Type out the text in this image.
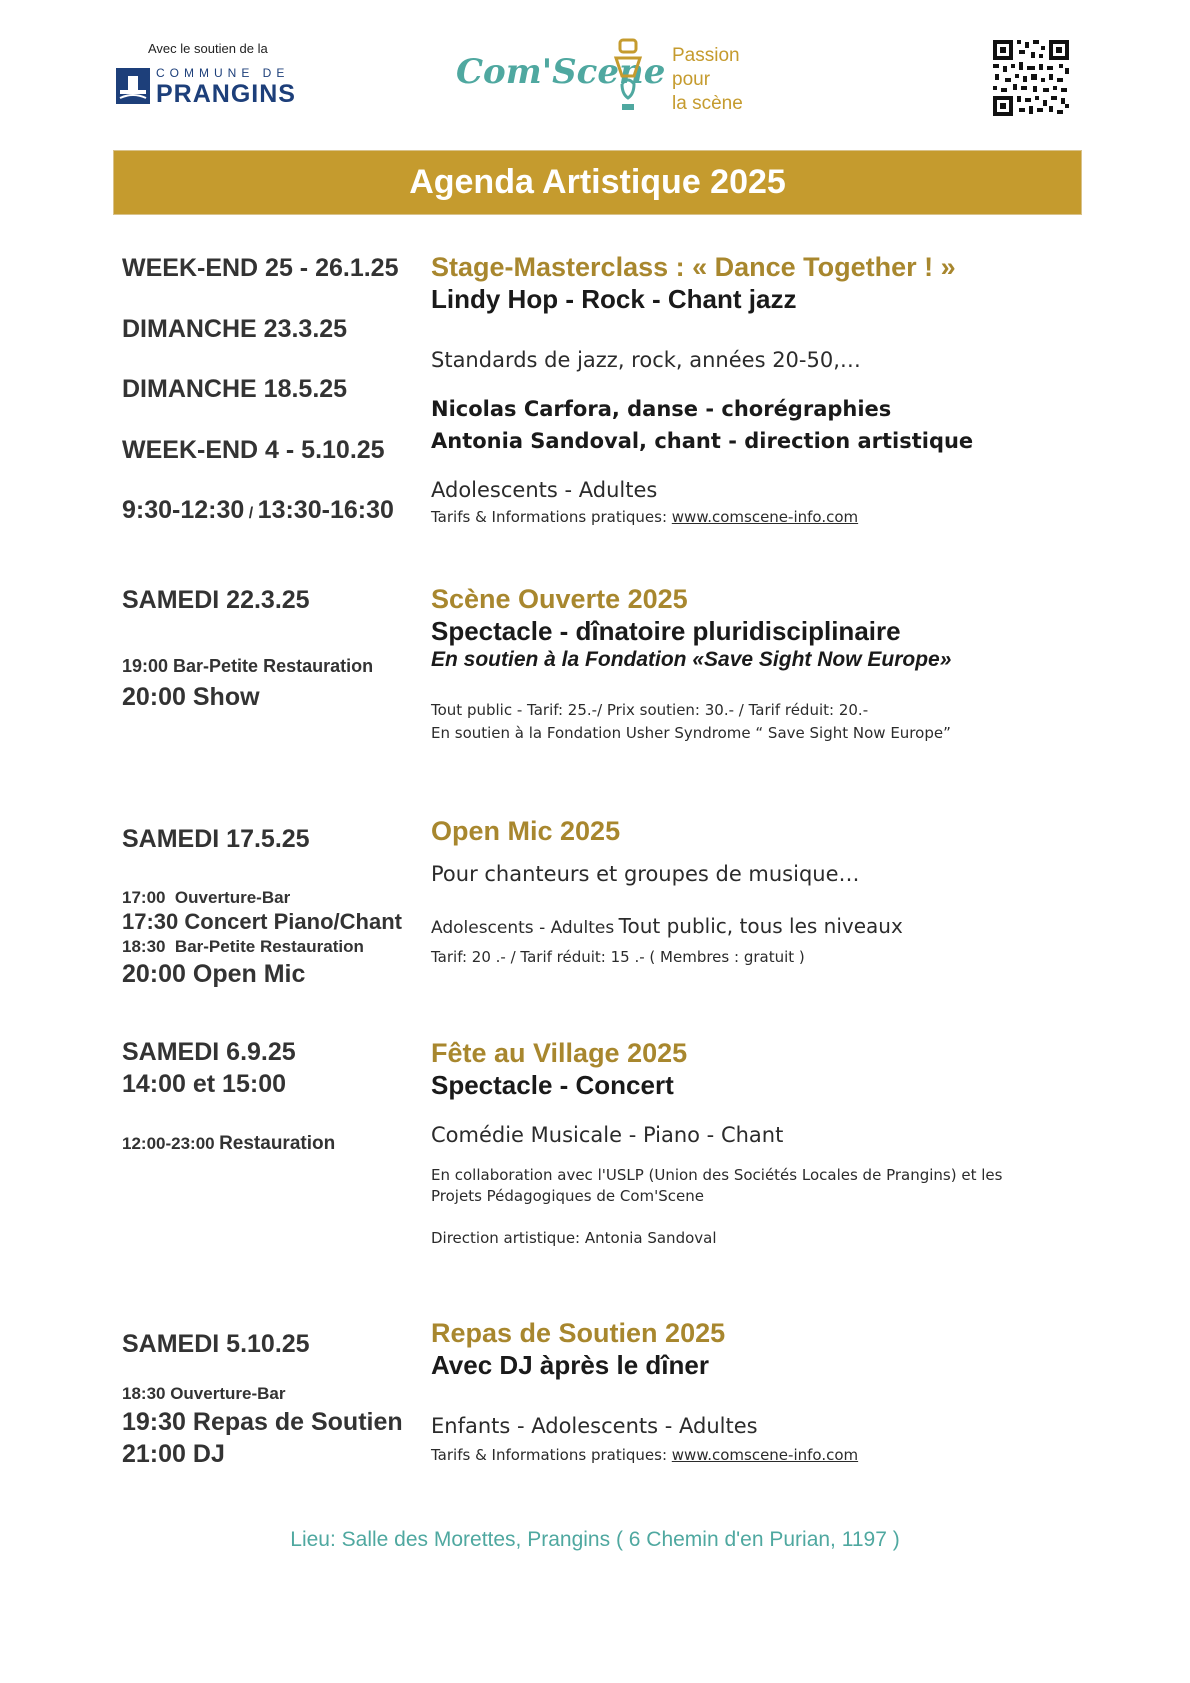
Avec le soutien de la
COMMUNE DE
PRANGINS
Com'Scene Passion
pour
la scène
Agenda Artistique 2025
WEEK-END 25 - 26.1.25
DIMANCHE 23.3.25
DIMANCHE 18.5.25
WEEK-END 4 - 5.10.25
9:30-12:30 / 13:30-16:30
Stage-Masterclass : « Dance Together ! »
Lindy Hop - Rock - Chant jazz
Standards de jazz, rock, années 20-50,…
Nicolas Carfora, danse - chorégraphies
Antonia Sandoval, chant - direction artistique
Adolescents - Adultes
Tarifs & Informations pratiques: www.comscene-info.com
SAMEDI 22.3.25
19:00 Bar-Petite Restauration
20:00 Show
Scène Ouverte 2025
Spectacle - dînatoire pluridisciplinaire
En soutien à la Fondation «Save Sight Now Europe»
Tout public - Tarif: 25.-/ Prix soutien: 30.- / Tarif réduit: 20.-
En soutien à la Fondation Usher Syndrome “ Save Sight Now Europe”
SAMEDI 17.5.25
17:00  Ouverture-Bar
17:30 Concert Piano/Chant
18:30  Bar-Petite Restauration
20:00 Open Mic
Open Mic 2025
Pour chanteurs et groupes de musique…
Adolescents - Adultes Tout public, tous les niveaux
Tarif: 20 .- / Tarif réduit: 15 .- ( Membres : gratuit )
SAMEDI 6.9.25
14:00 et 15:00
12:00-23:00 Restauration
Fête au Village 2025
Spectacle - Concert
Comédie Musicale - Piano - Chant
En collaboration avec l'USLP (Union des Sociétés Locales de Prangins) et les
Projets Pédagogiques de Com'Scene
Direction artistique: Antonia Sandoval
SAMEDI 5.10.25
18:30 Ouverture-Bar
19:30 Repas de Soutien
21:00 DJ
Repas de Soutien 2025
Avec DJ àprès le dîner
Enfants - Adolescents - Adultes
Tarifs & Informations pratiques: www.comscene-info.com
Lieu: Salle des Morettes, Prangins ( 6 Chemin d'en Purian, 1197 )
